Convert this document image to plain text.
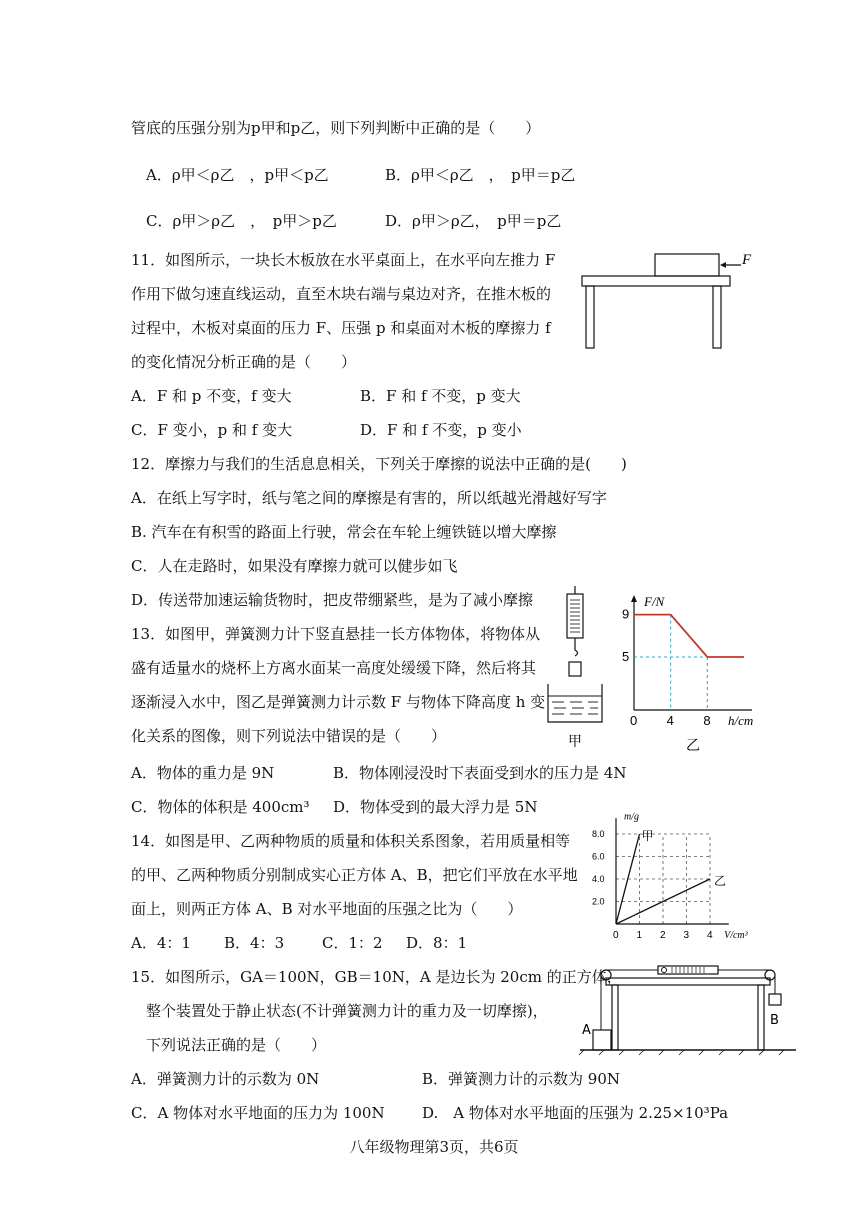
管底的压强分别为p甲和p乙，则下列判断中正确的是（　　）
A．ρ甲＜ρ乙　，p甲＜p乙	B．ρ甲＜ρ乙　，　p甲＝p乙
C．ρ甲＞ρ乙　，　p甲＞p乙	D．ρ甲＞ρ乙，　p甲＝p乙
11．如图所示，一块长木板放在水平桌面上，在水平向左推力 F
作用下做匀速直线运动，直至木块右端与桌边对齐，在推木板的
过程中，木板对桌面的压力 F、压强 p 和桌面对木板的摩擦力 f
的变化情况分析正确的是（　　）
A．F 和 p 不变，f 变大	B．F 和 f 不变，p 变大
C．F 变小，p 和 f 变大	D．F 和 f 不变，p 变小
F
12．摩擦力与我们的生活息息相关，下列关于摩擦的说法中正确的是(　　)
A．在纸上写字时，纸与笔之间的摩擦是有害的，所以纸越光滑越好写字
B. 汽车在有积雪的路面上行驶，常会在车轮上缠铁链以增大摩擦
C．人在走路时，如果没有摩擦力就可以健步如飞
D．传送带加速运输货物时，把皮带绷紧些，是为了减小摩擦
13．如图甲，弹簧测力计下竖直悬挂一长方体物体，将物体从
盛有适量水的烧杯上方离水面某一高度处缓缓下降，然后将其
逐渐浸入水中，图乙是弹簧测力计示数 F 与物体下降高度 h 变
化关系的图像，则下列说法中错误的是（　　）
A．物体的重力是 9N	B．物体刚浸没时下表面受到水的压力是 4N
C．物体的体积是 400cm³ D．物体受到的最大浮力是 5N
甲
F/N
h/cm
9
5
0 4 8
乙
14．如图是甲、乙两种物质的质量和体积关系图象，若用质量相等
的甲、乙两种物质分别制成实心正方体 A、B，把它们平放在水平地
面上，则两正方体 A、B 对水平地面的压强之比为（　　）
A．4：1 B．4：3	C．1：2 D．8：1
m/g
V/cm³
甲
乙
8.0
6.0
4.0
2.0
0 1 2 3 4
15．如图所示，GA＝100N，GB＝10N，A 是边长为 20cm 的正方体，
整个装置处于静止状态(不计弹簧测力计的重力及一切摩擦)，
下列说法正确的是（　　）
A．弹簧测力计的示数为 0N	B．弹簧测力计的示数为 90N
C．A 物体对水平地面的压力为 100N D.　A 物体对水平地面的压强为 2.25×10³Pa
A
B
八年级物理第3页，共6页
